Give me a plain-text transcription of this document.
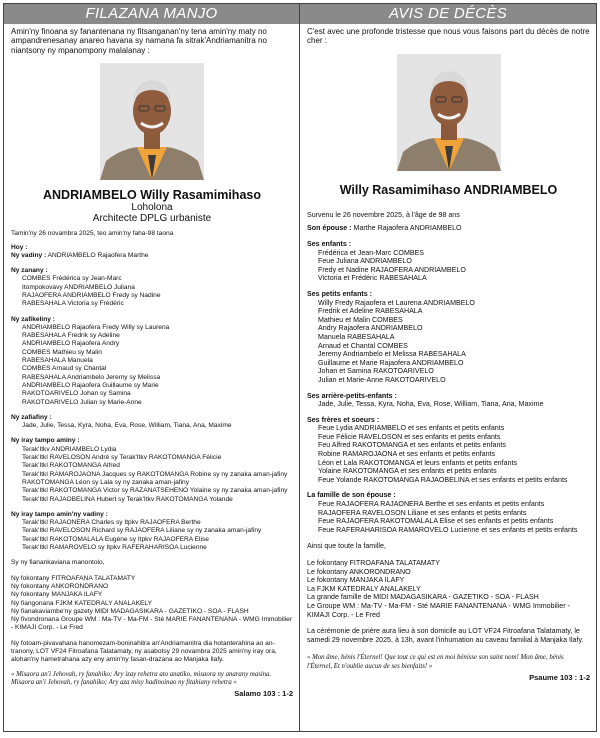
FILAZANA MANJO

Amin'ny finoana sy fanantenana ny fitsanganan'ny tena amin'ny maty no ampandrenesanay anareo havana sy namana fa sitrak'Andriamanitra no niantsony ny mpanompony malalanay :

ANDRIAMBELO Willy Rasamimihaso
Loholona
Architecte DPLG urbaniste

Tamin'ny 26 novambra 2025, teo amin'ny faha-98 taona

Hoy :

Ny vadiny : ANDRIAMBELO Rajaofera Marthe

Ny zanany :

COMBES Frédérica sy Jean-Marc

Itompokovavy ANDRIAMBELO Juliana

RAJAOFERA ANDRIAMBELO Fredy sy Nadine

RABESAHALA Victoria sy Frédéric

Ny zafikeliny :

ANDRIAMBELO Rajaofera Fredy Willy sy Laurena

RABESAHALA Fredrik sy Adeline

ANDRIAMBELO Rajaofera Andry

COMBES Mathieu sy Malin

RABESAHALA Manuela

COMBES Arnaud sy Chantal

RABESAHALA Andriambelo Jeremy sy Melissa

ANDRIAMBELO Rajaofera Guillaume sy Marie

RAKOTOARIVELO Johan sy Samina

RAKOTOARIVELO Julian sy Marie-Anne

Ny zafiafiny :

Jade, Julie, Tessa, Kyra, Noha, Eva, Rose, William, Tiana, Ana, Maxime

Ny iray tampo aminy :

Terak'Itkv ANDRIAMBELO Lydia

Terak'Itkl RAVELOSON André sy Terak'Itkv RAKOTOMANGA Félicie

Terak'Itkl RAKOTOMANGA Alfred

Terak'Itkl RAMAROJAONA Jacques sy RAKOTOMANGA Robine sy ny zanaka aman-jafiny

RAKOTOMANGA Léon sy Lala sy ny zanaka aman-jafiny

Terak'Itkl RAKOTOMANGA Victor sy RAZANATSEHENO Yolaine sy ny zanaka aman-jafiny

Terak'Itkl RAJAOBELINA Hubert sy Terak'Itkv RAKOTOMANGA Yolande

Ny iray tampo amin'ny vadiny :

Terak'Itkl RAJAONERA Charles sy Itpkv RAJAOFERA Berthe

Terak'Itkl RAVELOSON Richard sy RAJAOFERA Liliane sy ny zanaka aman-jafiny

Terak'Itkl RAKOTOMALALA Eugène sy Itpkv RAJAOFERA Elise

Terak'Itkl RAMAROVELO sy Itpkv RAFERAHARISOA Lucienne

Sy ny fianankaviana manontolo,

Ny fokontany FITROAFANA TALATAMATY

Ny fokontany ANKORONDRANO

Ny fokontany MANJAKA ILAFY

Ny fiangonana FJKM KATEDRALY ANALAKELY

Ny fianakaviambe'ny gazety MIDI MADAGASIKARA - GAZETIKO - SOA - FLASH

Ny fivondronana Groupe WM : Ma-TV - Ma-FM - Sté MARIE FANANTENANA - WMG Immobilier - KIMAJI Corp. - Le Fred

Ny fotoam-pivavahana hanomezam-boninahitra an'Andriamanitra dia hotanterahina ao an-tranony, LOT VF24 Fitroafana Talatamaty, ny asabotsy 29 novambra 2025 amin'ny iray ora, alohan'ny hametrahana azy eny amin'ny fasan-drazana ao Manjaka Ilafy.

« Misaora an'i Jehovah, ry fanahiko; Ary izay rehetra ato anatiko, misaora ny anarany masina. Misaora an'i Jehovah, ry fanahiko; Ary aza misy hadinoinao ny fitahiany rehetra »
Salamo 103 : 1-2
AVIS DE DÉCÈS

C'est avec une profonde tristesse que nous vous faisons part du décès de notre cher :

Willy Rasamimihaso ANDRIAMBELO

Survenu le 26 novembre 2025, à l'âge de 98 ans

Son épouse : Marthe Rajaofera ANDRIAMBELO

Ses enfants :

Frédérica et Jean-Marc COMBES

Feue Juliana ANDRIAMBELO

Fredy et Nadine RAJAOFERA ANDRIAMBELO

Victoria et Frédéric RABESAHALA

Ses petits enfants :

Willy Fredy Rajaofera et Laurena ANDRIAMBELO

Fredrik et Adeline RABESAHALA

Mathieu et Malin COMBES

Andry Rajaofera ANDRIAMBELO

Manuela RABESAHALA

Arnaud et Chantal COMBES

Jeremy Andriambelo et Melissa RABESAHALA

Guillaume et Marie Rajaofera ANDRIAMBELO

Johan et Samina RAKOTOARIVELO

Julian et Marie-Anne RAKOTOARIVELO

Ses arrière-petits-enfants :

Jade, Julie, Tessa, Kyra, Noha, Eva, Rose, William, Tiana, Ana, Maxime

Ses frères et soeurs :

Feue Lydia ANDRIAMBELO et ses enfants et petits enfants

Feue Félicie RAVELOSON et ses enfants et petits enfants

Feu Alfred RAKOTOMANGA et ses enfants et petits enfants

Robine RAMAROJAONA et ses enfants et petits enfants

Léon et Lala RAKOTOMANGA et leurs enfants et petits enfants

Yolaine RAKOTOMANGA et ses enfants et petits enfants

Feue Yolande RAKOTOMANGA RAJAOBELINA et ses enfants et petits enfants

La famille de son épouse :

Feue RAJAOFERA RAJAONERA Berthe et ses enfants et petits enfants

RAJAOFERA RAVELOSON Liliane et ses enfants et petits enfants

Feue RAJAOFERA RAKOTOMALALA Elise et ses enfants et petits enfants

Feue RAFERAHARISOA RAMAROVELO Lucienne et ses enfants et petits enfants

Ainsi que toute la famille,

Le fokontany FITROAFANA TALATAMATY

Le fokontany ANKORONDRANO

Le fokontany MANJAKA ILAFY

La FJKM KATEDRALY ANALAKELY

La grande famille de MIDI MADAGASIKARA - GAZETIKO - SOA - FLASH

Le Groupe WM : Ma-TV - Ma-FM - Sté MARIE FANANTENANA - WMG Immobilier - KIMAJI Corp. - Le Fred

La cérémonie de prière aura lieu à son domicile au LOT VF24 Fitroafana Talatamaty, le samedi 29 novembre 2025, à 13h, avant l'inhumation au caveau familial à Manjaka Ilafy.

« Mon âme, bénis l'Éternel! Que tout ce qui est en moi bénisse son saint nom! Mon âme, bénis l'Éternel, Et n'oublie aucun de ses bienfaits! »
Psaume 103 : 1-2
